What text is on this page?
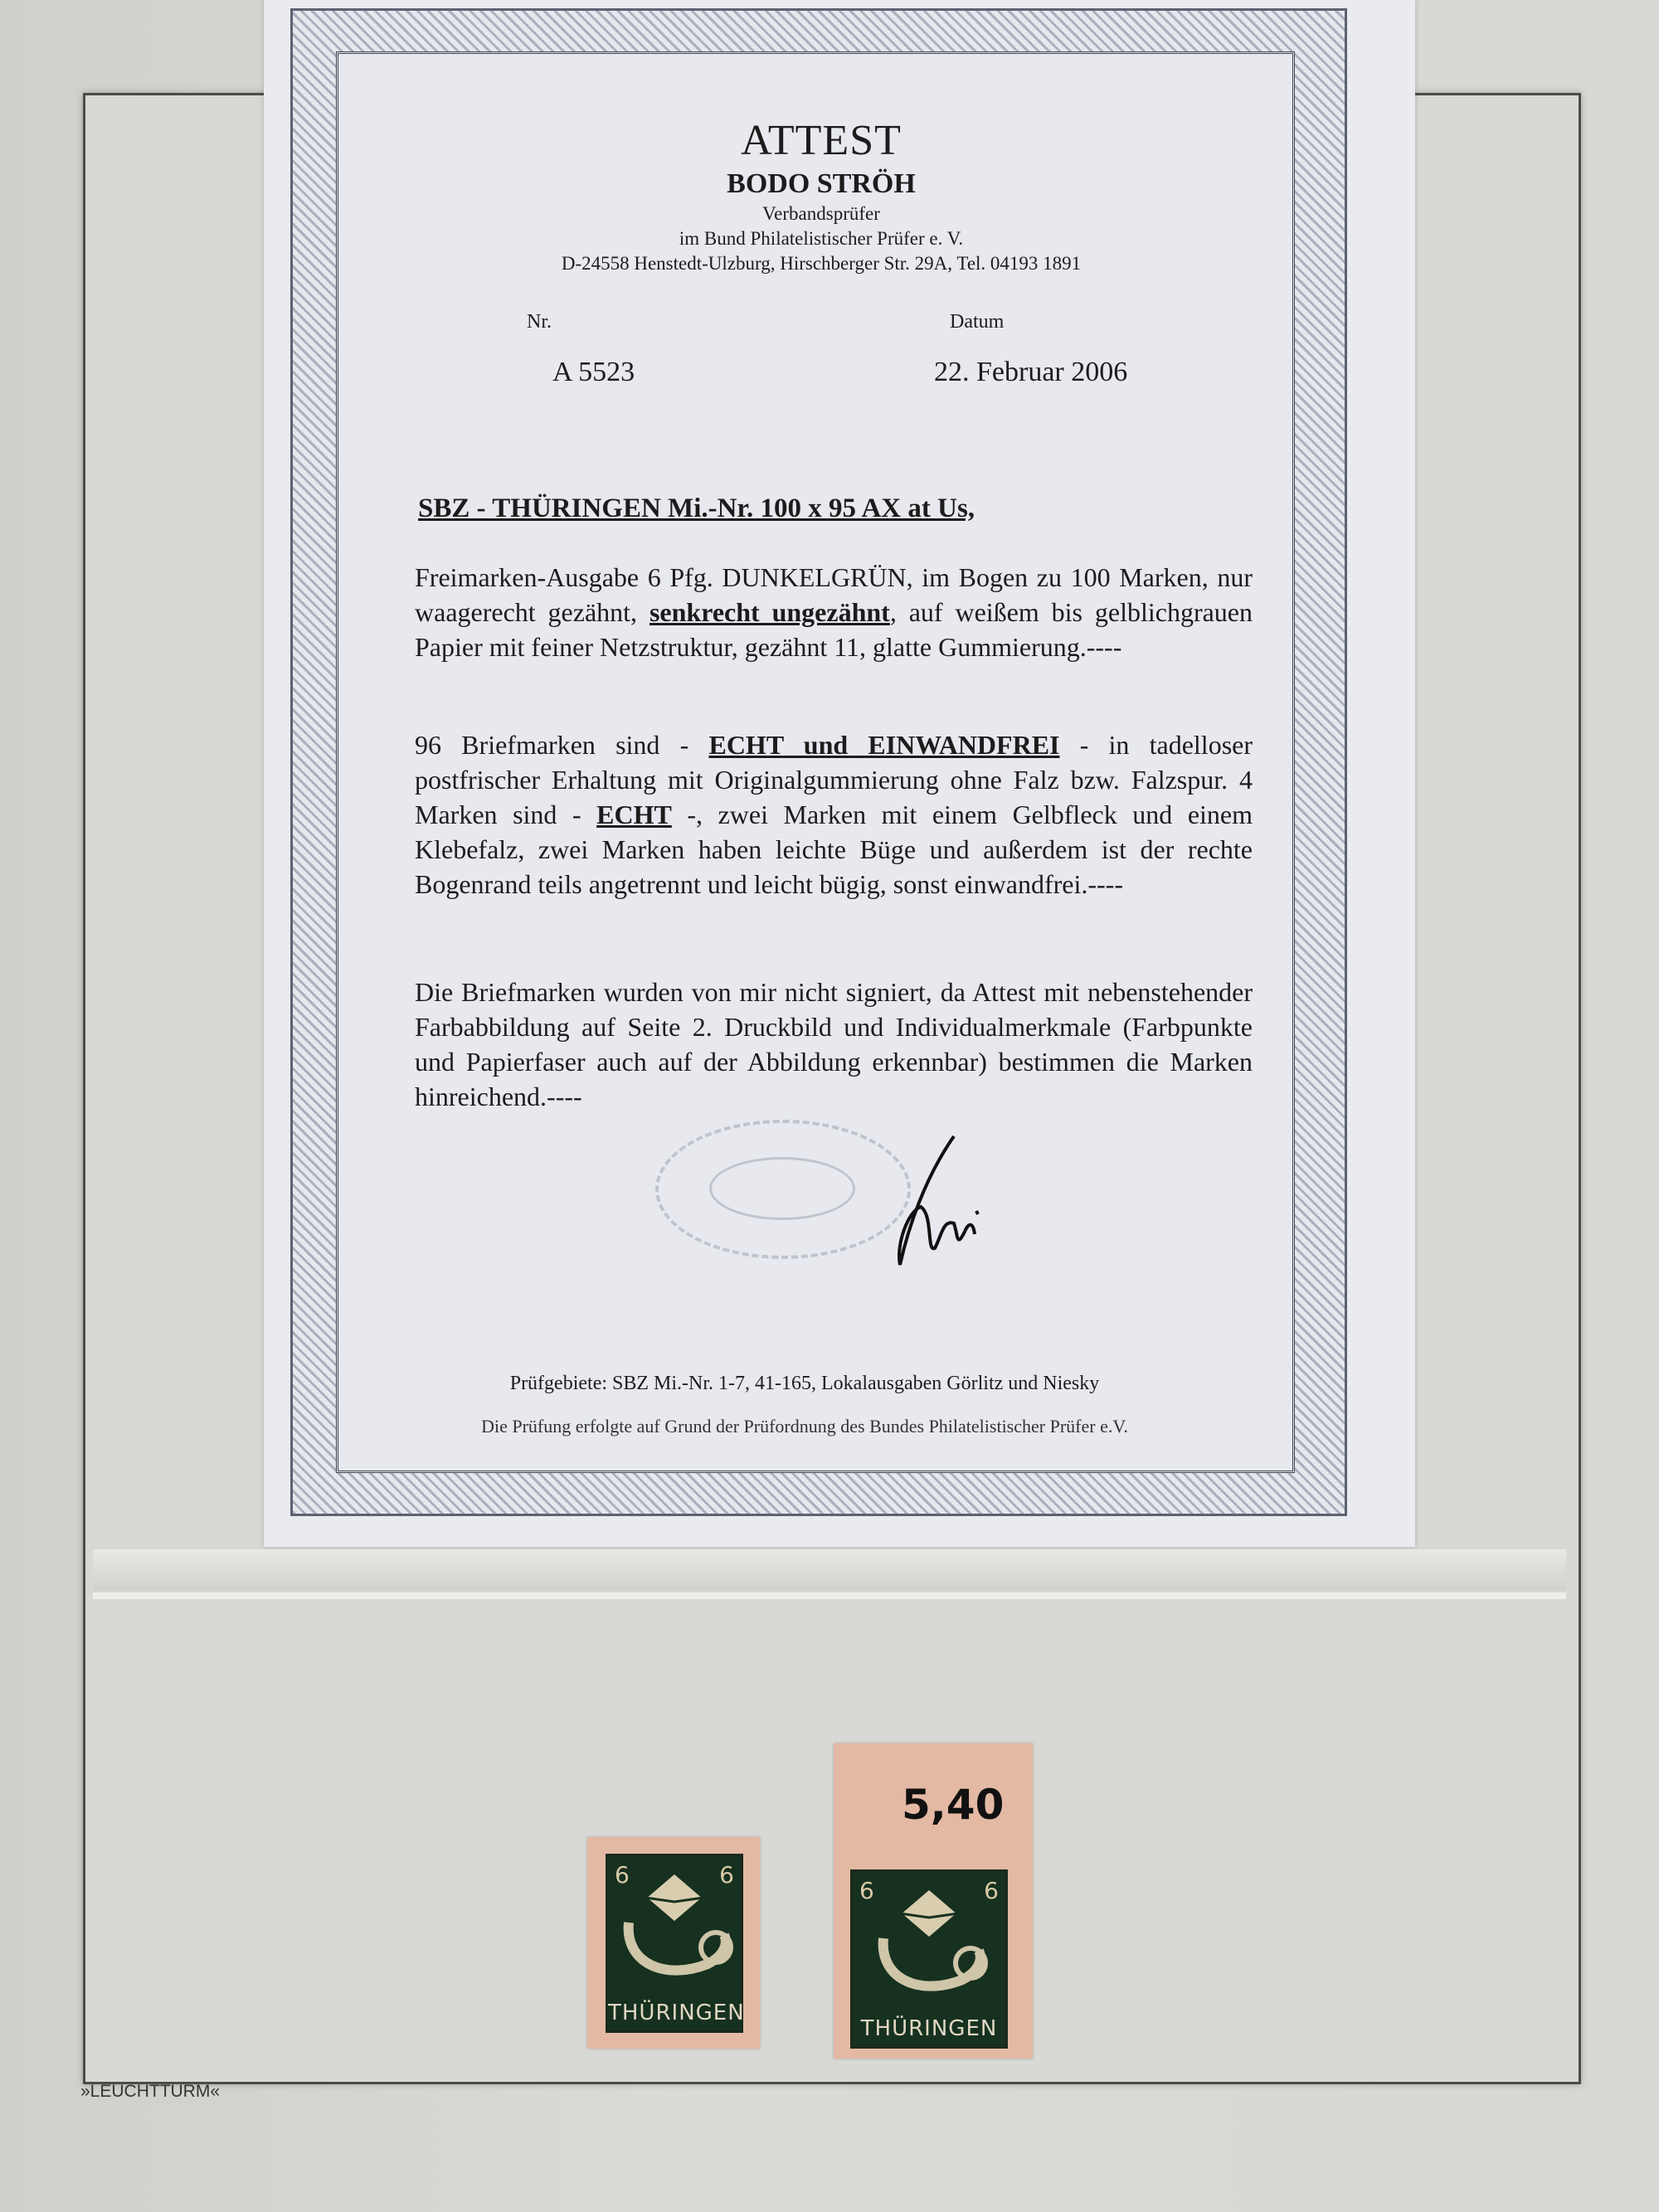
ATTEST

BODO STRÖH

Verbandsprüfer

im Bund Philatelistischer Prüfer e. V.

D-24558 Henstedt-Ulzburg, Hirschberger Str. 29A, Tel. 04193 1891

Nr.	Datum
A 5523	22. Februar 2006
SBZ - THÜRINGEN Mi.-Nr. 100 x 95 AX at Us,

Freimarken-Ausgabe 6 Pfg. DUNKELGRÜN, im Bogen zu 100 Marken, nur waagerecht gezähnt, senkrecht ungezähnt, auf weißem bis gelblichgrauen Papier mit feiner Netzstruktur, gezähnt 11, glatte Gummierung.----

96 Briefmarken sind - ECHT und EINWANDFREI - in tadelloser postfrischer Erhaltung mit Originalgummierung ohne Falz bzw. Falzspur. 4 Marken sind - ECHT -, zwei Marken mit einem Gelbfleck und einem Klebefalz, zwei Marken haben leichte Büge und außerdem ist der rechte Bogenrand teils angetrennt und leicht bügig, sonst einwandfrei.----

Die Briefmarken wurden von mir nicht signiert, da Attest mit nebenstehender Farbabbildung auf Seite 2. Druckbild und Individualmerkmale (Farbpunkte und Papierfaser auch auf der Abbildung erkennbar) bestimmen die Marken hinreichend.----

Prüfgebiete: SBZ Mi.-Nr. 1-7, 41-165, Lokalausgaben Görlitz und Niesky
Die Prüfung erfolgte auf Grund der Prüfordnung des Bundes Philatelistischer Prüfer e.V.
6	6
THÜRINGEN
5,40
6	6
THÜRINGEN
»LEUCHTTURM«
